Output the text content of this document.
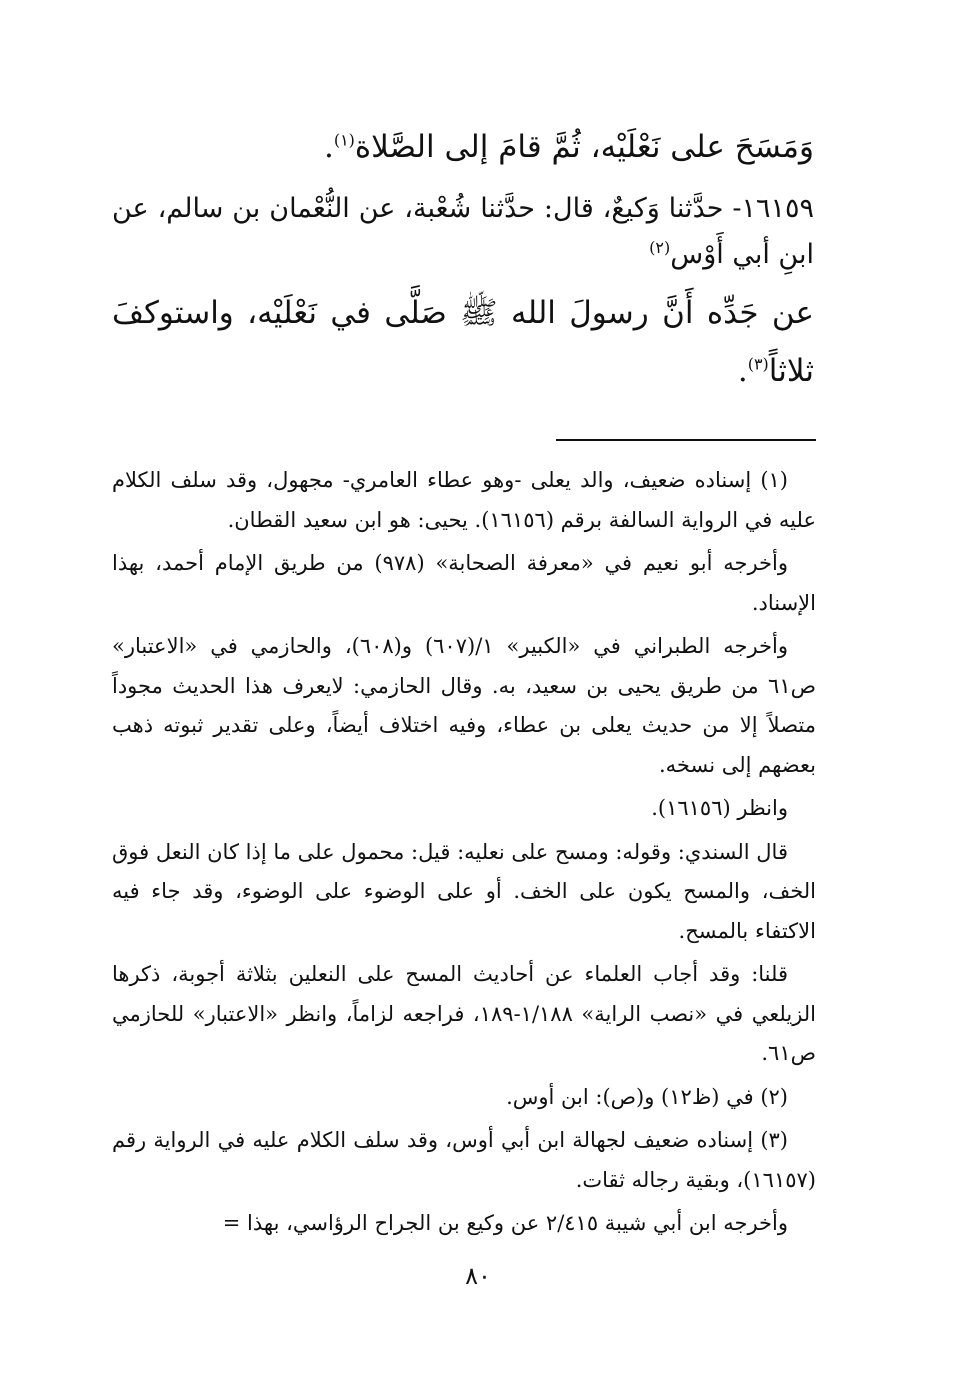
وَمَسَحَ على نَعْلَيْه، ثُمَّ قامَ إلى الصَّلاة$^{(١)}$.

١٦١٥٩- حدَّثنا وَكيعٌ، قال: حدَّثنا شُعْبة، عن النُّعْمان بن سالم، عن ابنِ أبي أَوْس$^{(٢)}$

عن جَدِّه أَنَّ رسولَ الله ﷺ صَلَّى في نَعْلَيْه، واستوكفَ ثلاثاً$^{(٣)}$.

(١) إسناده ضعيف، والد يعلى -وهو عطاء العامري- مجهول، وقد سلف الكلام عليه في الرواية السالفة برقم (١٦١٥٦). يحيى: هو ابن سعيد القطان.

وأخرجه أبو نعيم في «معرفة الصحابة» (٩٧٨) من طريق الإمام أحمد، بهذا الإسناد.

وأخرجه الطبراني في «الكبير» ١/(٦٠٧) و(٦٠٨)، والحازمي في «الاعتبار» ص٦١ من طريق يحيى بن سعيد، به. وقال الحازمي: لايعرف هذا الحديث مجوداً متصلاً إلا من حديث يعلى بن عطاء، وفيه اختلاف أيضاً، وعلى تقدير ثبوته ذهب بعضهم إلى نسخه.

وانظر (١٦١٥٦).

قال السندي: وقوله: ومسح على نعليه: قيل: محمول على ما إذا كان النعل فوق الخف، والمسح يكون على الخف. أو على الوضوء على الوضوء، وقد جاء فيه الاكتفاء بالمسح.

قلنا: وقد أجاب العلماء عن أحاديث المسح على النعلين بثلاثة أجوبة، ذكرها الزيلعي في «نصب الراية» ١/١٨٨-١٨٩، فراجعه لزاماً، وانظر «الاعتبار» للحازمي ص٦١.

(٢) في (ظ١٢) و(ص): ابن أوس.

(٣) إسناده ضعيف لجهالة ابن أبي أوس، وقد سلف الكلام عليه في الرواية رقم (١٦١٥٧)، وبقية رجاله ثقات.

وأخرجه ابن أبي شيبة ٢/٤١٥ عن وكيع بن الجراح الرؤاسي، بهذا =

٨٠
